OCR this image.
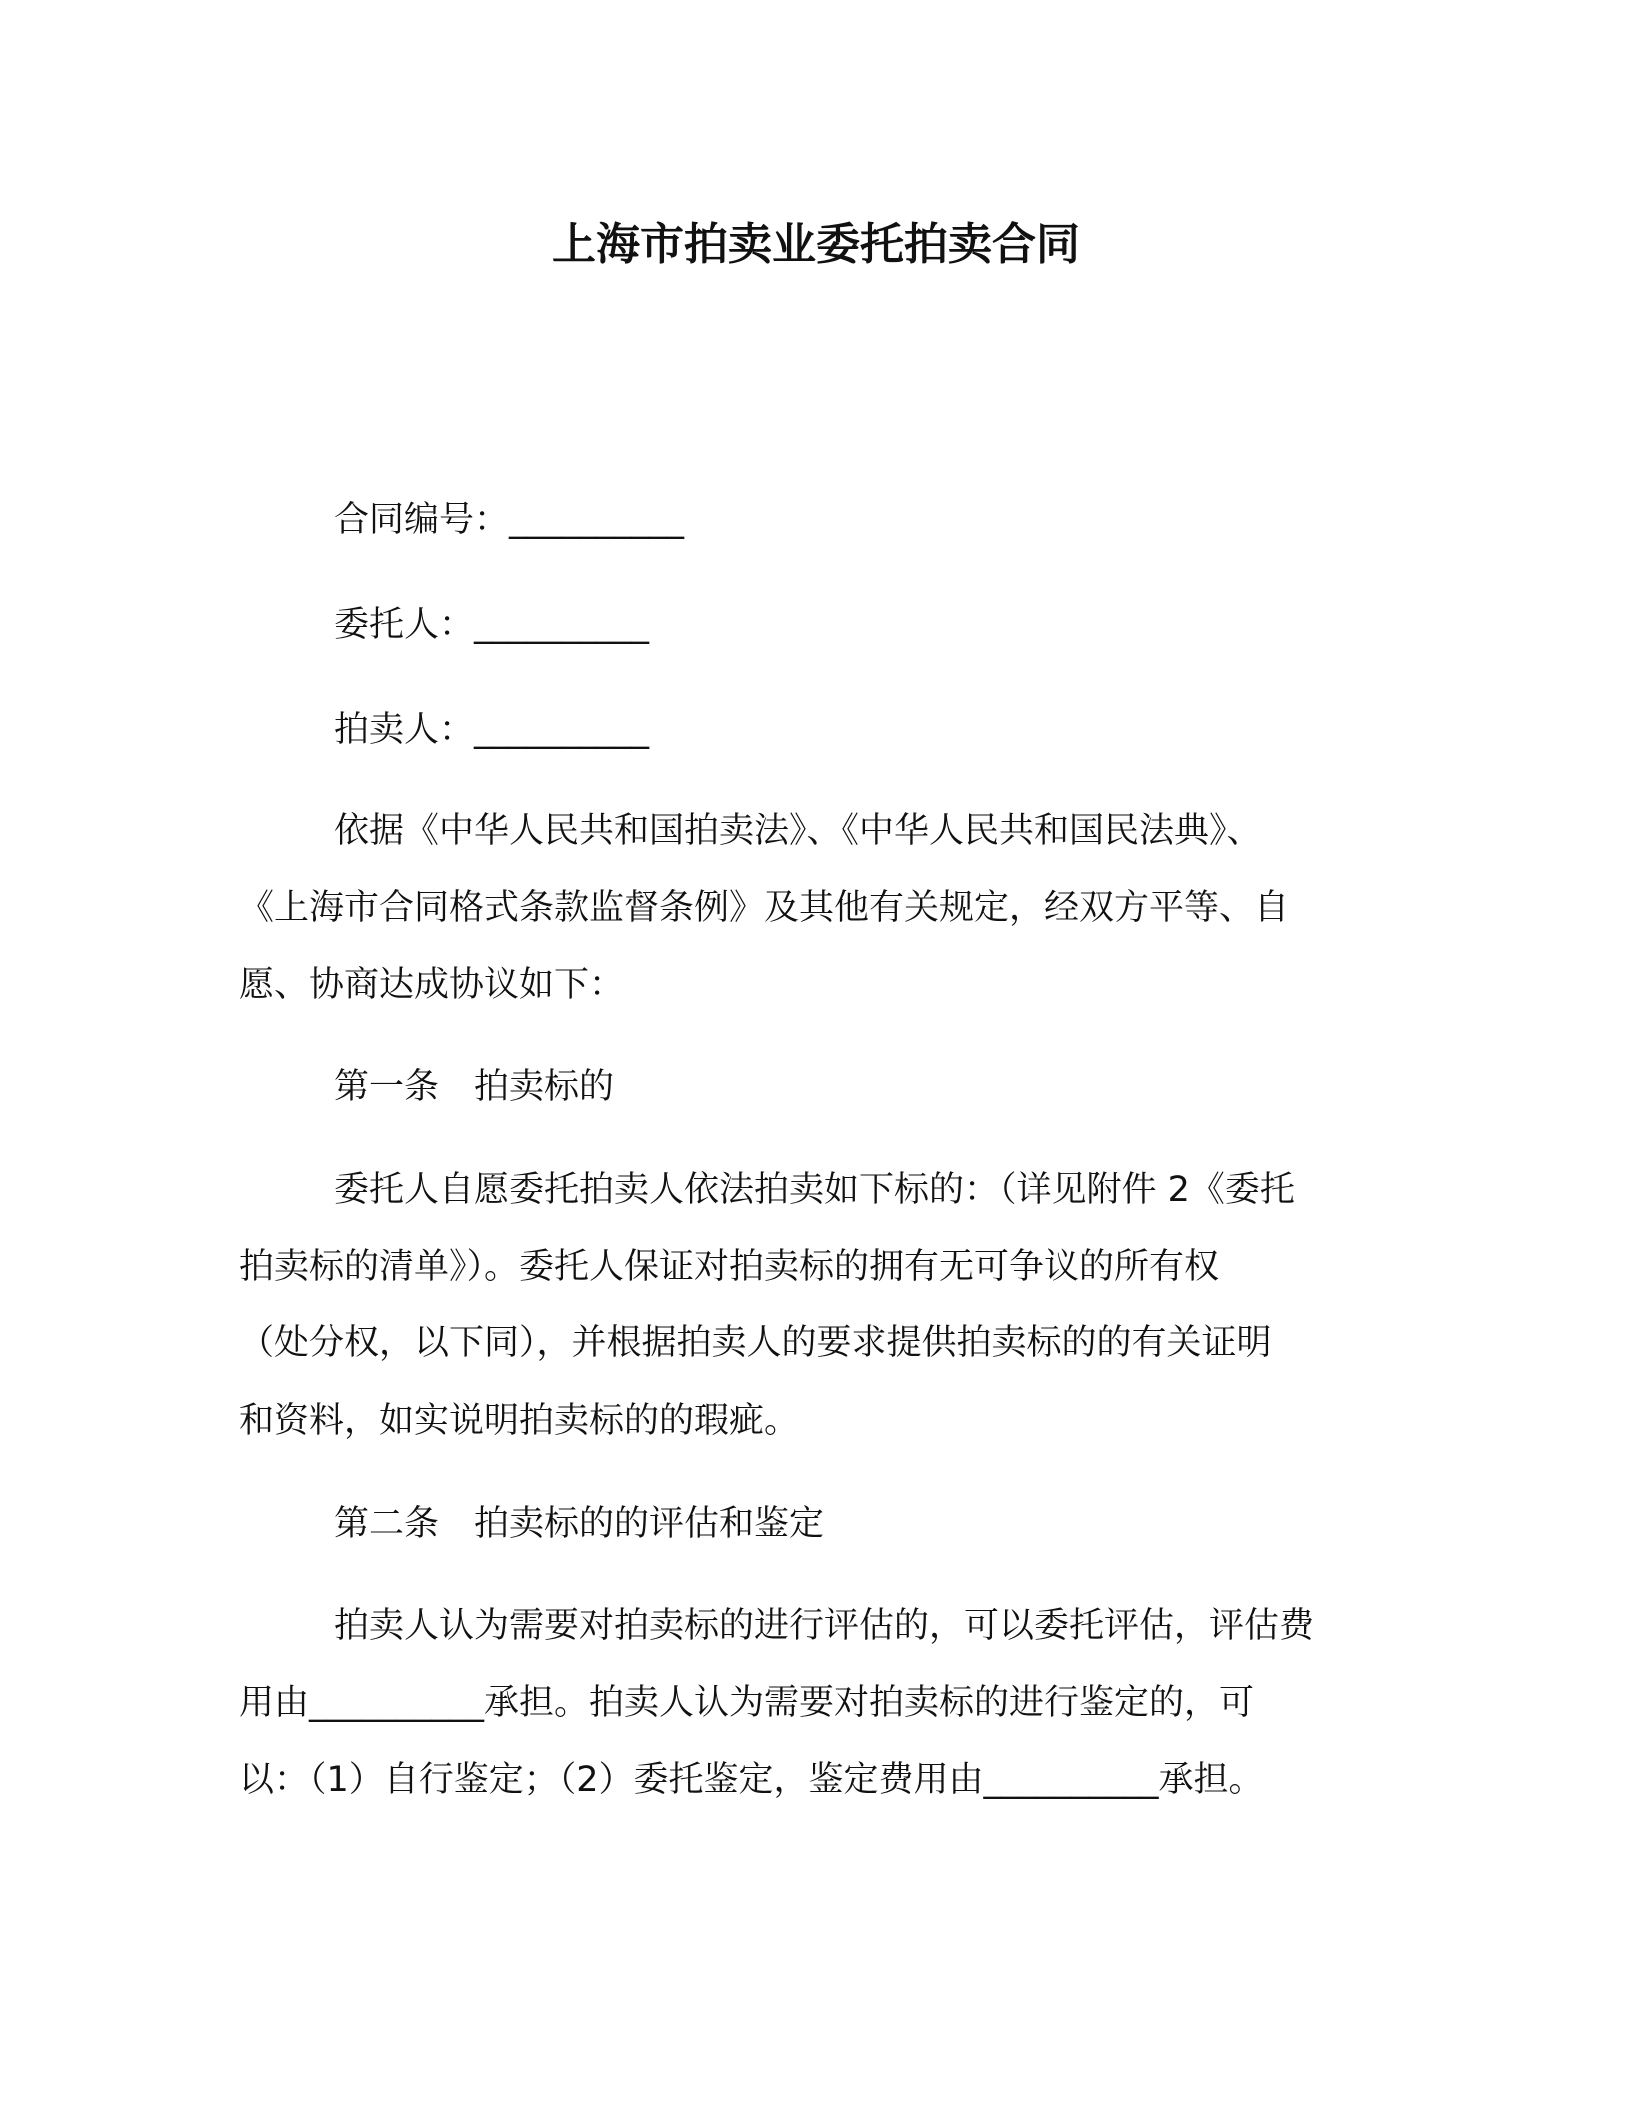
上海市拍卖业委托拍卖合同
合同编号：__________
委托人：__________
拍卖人：__________
依据《中华人民共和国拍卖法》、《中华人民共和国民法典》、
《上海市合同格式条款监督条例》及其他有关规定，经双方平等、自
愿、协商达成协议如下：
第一条　拍卖标的
委托人自愿委托拍卖人依法拍卖如下标的：（详见附件 2《委托
拍卖标的清单》）。委托人保证对拍卖标的拥有无可争议的所有权
（处分权，以下同），并根据拍卖人的要求提供拍卖标的的有关证明
和资料，如实说明拍卖标的的瑕疵。
第二条　拍卖标的的评估和鉴定
拍卖人认为需要对拍卖标的进行评估的，可以委托评估，评估费
用由__________承担。拍卖人认为需要对拍卖标的进行鉴定的，可
以：（1）自行鉴定；（2）委托鉴定，鉴定费用由__________承担。
